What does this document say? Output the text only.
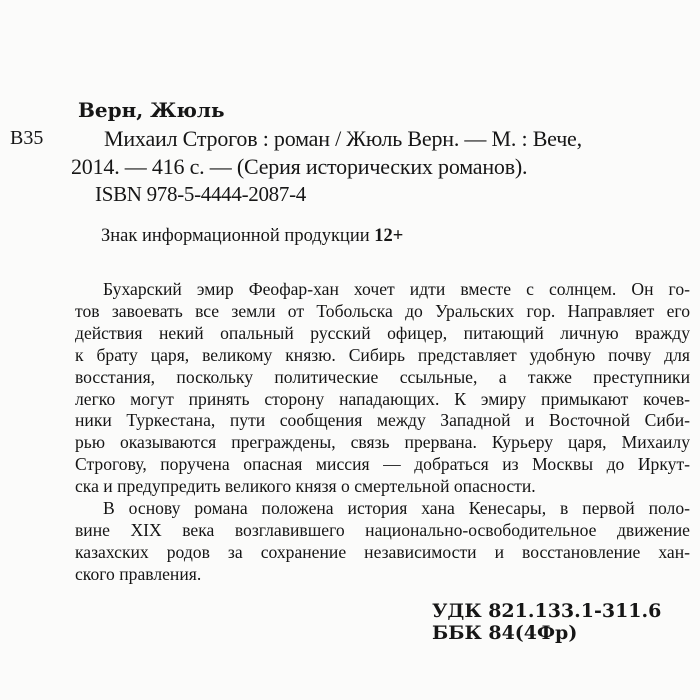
Верн, Жюль
В35	Михаил Строгов : роман / Жюль Верн. — М. : Вече,
2014. — 416 с. — (Серия исторических романов).
ISBN 978-5-4444-2087-4
Знак информационной продукции 12+
Бухарский эмир Феофар-хан хочет идти вместе с солнцем. Он го-
тов завоевать все земли от Тобольска до Уральских гор. Направляет его
действия некий опальный русский офицер, питающий личную вражду
к брату царя, великому князю. Сибирь представляет удобную почву для
восстания, поскольку политические ссыльные, а также преступники
легко могут принять сторону нападающих. К эмиру примыкают кочев-
ники Туркестана, пути сообщения между Западной и Восточной Сиби-
рью оказываются преграждены, связь прервана. Курьеру царя, Михаилу
Строгову, поручена опасная миссия — добраться из Москвы до Иркут-
ска и предупредить великого князя о смертельной опасности.
В основу романа положена история хана Кенесары, в первой поло-
вине XIX века возглавившего национально-освободительное движение
казахских родов за сохранение независимости и восстановление хан-
ского правления.
УДК 821.133.1-311.6
ББК 84(4Фр)
